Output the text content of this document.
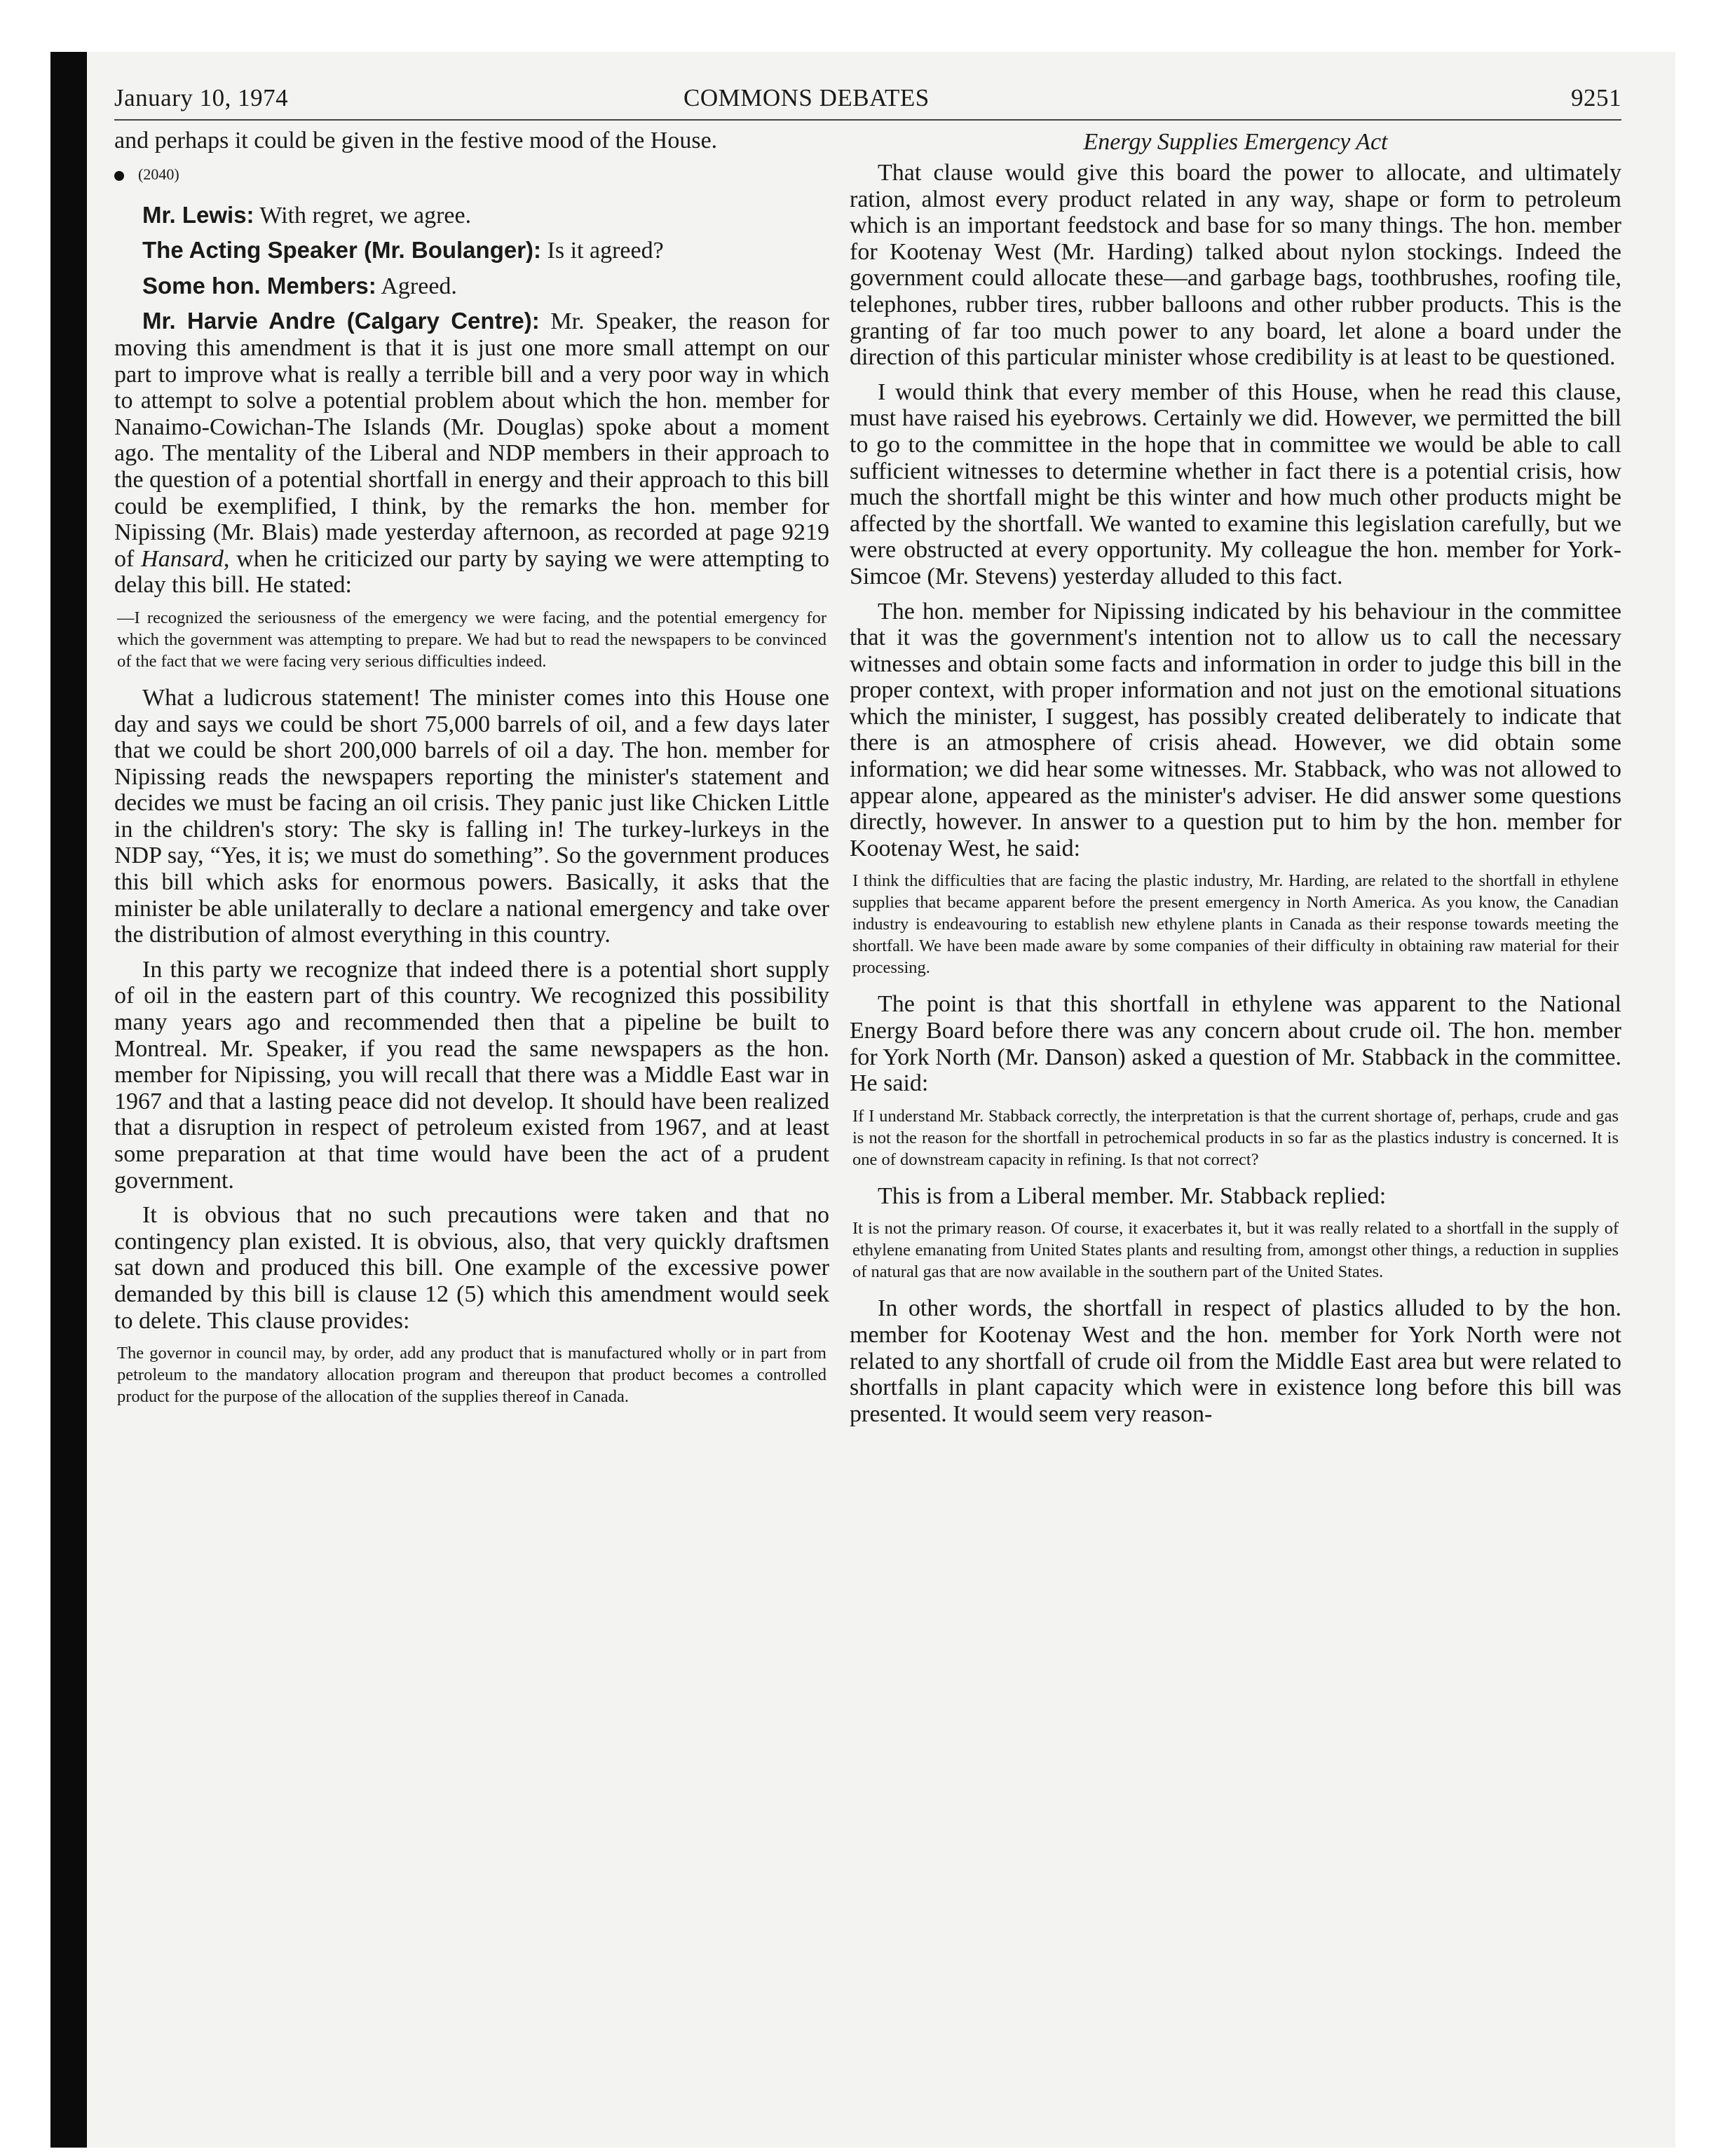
January 10, 1974	COMMONS DEBATES	9251

and perhaps it could be given in the festive mood of the House.

(2040)

Mr. Lewis: With regret, we agree.

The Acting Speaker (Mr. Boulanger): Is it agreed?

Some hon. Members: Agreed.

Mr. Harvie Andre (Calgary Centre): Mr. Speaker, the reason for moving this amendment is that it is just one more small attempt on our part to improve what is really a terrible bill and a very poor way in which to attempt to solve a potential problem about which the hon. member for Nanaimo-Cowichan-The Islands (Mr. Douglas) spoke about a moment ago. The mentality of the Liberal and NDP members in their approach to the question of a potential shortfall in energy and their approach to this bill could be exemplified, I think, by the remarks the hon. member for Nipissing (Mr. Blais) made yesterday afternoon, as recorded at page 9219 of Hansard, when he criticized our party by saying we were attempting to delay this bill. He stated:

—I recognized the seriousness of the emergency we were facing, and the potential emergency for which the government was attempting to prepare. We had but to read the newspapers to be convinced of the fact that we were facing very serious difficulties indeed.

What a ludicrous statement! The minister comes into this House one day and says we could be short 75,000 barrels of oil, and a few days later that we could be short 200,000 barrels of oil a day. The hon. member for Nipissing reads the newspapers reporting the minister's statement and decides we must be facing an oil crisis. They panic just like Chicken Little in the children's story: The sky is falling in! The turkey-lurkeys in the NDP say, “Yes, it is; we must do something”. So the government produces this bill which asks for enormous powers. Basically, it asks that the minister be able unilaterally to declare a national emergency and take over the distribution of almost everything in this country.

In this party we recognize that indeed there is a potential short supply of oil in the eastern part of this country. We recognized this possibility many years ago and recommended then that a pipeline be built to Montreal. Mr. Speaker, if you read the same newspapers as the hon. member for Nipissing, you will recall that there was a Middle East war in 1967 and that a lasting peace did not develop. It should have been realized that a disruption in respect of petroleum existed from 1967, and at least some preparation at that time would have been the act of a prudent government.

It is obvious that no such precautions were taken and that no contingency plan existed. It is obvious, also, that very quickly draftsmen sat down and produced this bill. One example of the excessive power demanded by this bill is clause 12 (5) which this amendment would seek to delete. This clause provides:

The governor in council may, by order, add any product that is manufactured wholly or in part from petroleum to the mandatory allocation program and thereupon that product becomes a controlled product for the purpose of the allocation of the supplies thereof in Canada.
Energy Supplies Emergency Act

That clause would give this board the power to allocate, and ultimately ration, almost every product related in any way, shape or form to petroleum which is an important feedstock and base for so many things. The hon. member for Kootenay West (Mr. Harding) talked about nylon stockings. Indeed the government could allocate these—and garbage bags, toothbrushes, roofing tile, telephones, rubber tires, rubber balloons and other rubber products. This is the granting of far too much power to any board, let alone a board under the direction of this particular minister whose credibility is at least to be questioned.

I would think that every member of this House, when he read this clause, must have raised his eyebrows. Certainly we did. However, we permitted the bill to go to the committee in the hope that in committee we would be able to call sufficient witnesses to determine whether in fact there is a potential crisis, how much the shortfall might be this winter and how much other products might be affected by the shortfall. We wanted to examine this legislation carefully, but we were obstructed at every opportunity. My colleague the hon. member for York-Simcoe (Mr. Stevens) yesterday alluded to this fact.

The hon. member for Nipissing indicated by his behaviour in the committee that it was the government's intention not to allow us to call the necessary witnesses and obtain some facts and information in order to judge this bill in the proper context, with proper information and not just on the emotional situations which the minister, I suggest, has possibly created deliberately to indicate that there is an atmosphere of crisis ahead. However, we did obtain some information; we did hear some witnesses. Mr. Stabback, who was not allowed to appear alone, appeared as the minister's adviser. He did answer some questions directly, however. In answer to a question put to him by the hon. member for Kootenay West, he said:

I think the difficulties that are facing the plastic industry, Mr. Harding, are related to the shortfall in ethylene supplies that became apparent before the present emergency in North America. As you know, the Canadian industry is endeavouring to establish new ethylene plants in Canada as their response towards meeting the shortfall. We have been made aware by some companies of their difficulty in obtaining raw material for their processing.

The point is that this shortfall in ethylene was apparent to the National Energy Board before there was any concern about crude oil. The hon. member for York North (Mr. Danson) asked a question of Mr. Stabback in the committee. He said:

If I understand Mr. Stabback correctly, the interpretation is that the current shortage of, perhaps, crude and gas is not the reason for the shortfall in petrochemical products in so far as the plastics industry is concerned. It is one of downstream capacity in refining. Is that not correct?

This is from a Liberal member. Mr. Stabback replied:

It is not the primary reason. Of course, it exacerbates it, but it was really related to a shortfall in the supply of ethylene emanating from United States plants and resulting from, amongst other things, a reduction in supplies of natural gas that are now available in the southern part of the United States.

In other words, the shortfall in respect of plastics alluded to by the hon. member for Kootenay West and the hon. member for York North were not related to any shortfall of crude oil from the Middle East area but were related to shortfalls in plant capacity which were in existence long before this bill was presented. It would seem very reason-
